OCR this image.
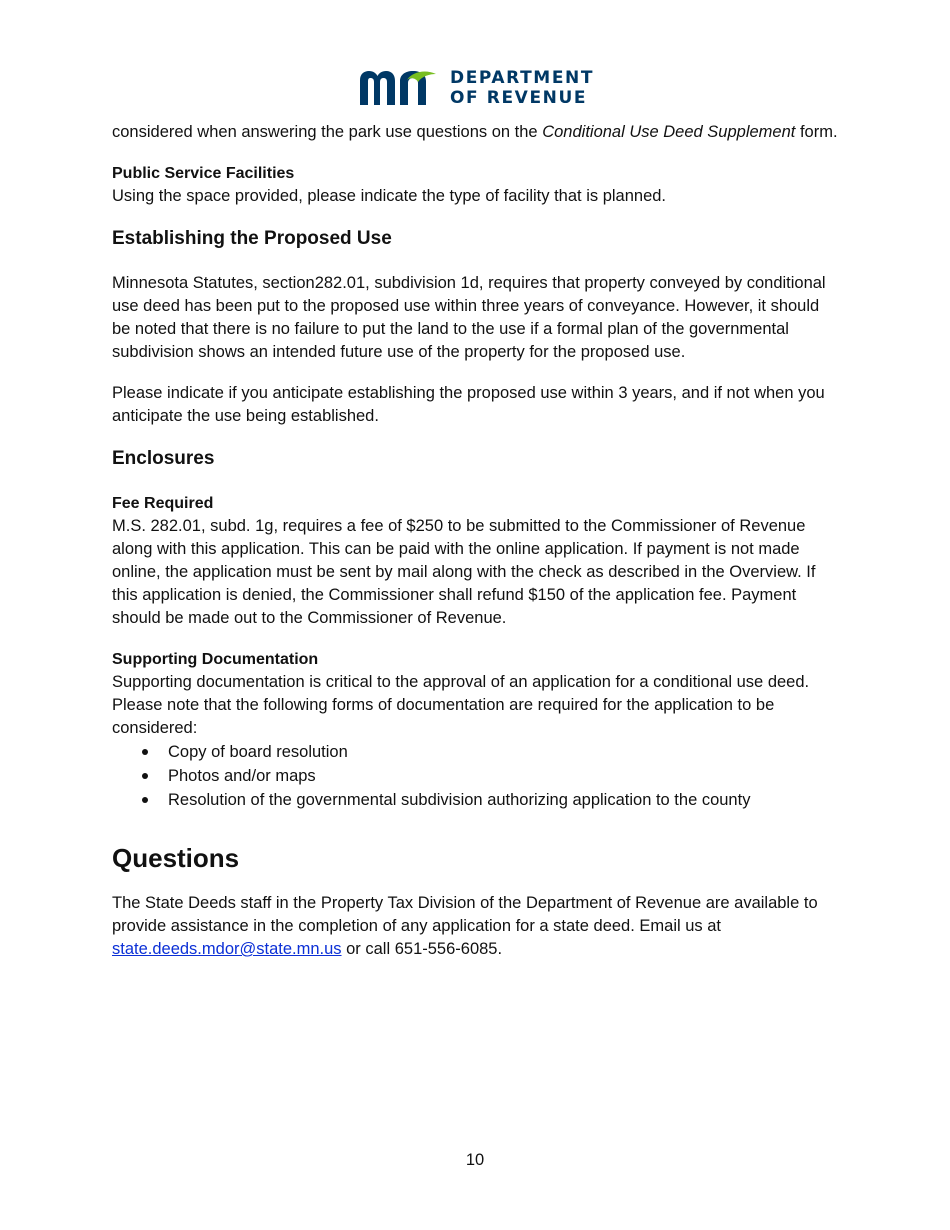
DEPARTMENT
OF REVENUE

considered when answering the park use questions on the Conditional Use Deed Supplement form.

Public Service Facilities

Using the space provided, please indicate the type of facility that is planned.

Establishing the Proposed Use

Minnesota Statutes, section282.01, subdivision 1d, requires that property conveyed by conditional use deed has been put to the proposed use within three years of conveyance. However, it should be noted that there is no failure to put the land to the use if a formal plan of the governmental subdivision shows an intended future use of the property for the proposed use.

Please indicate if you anticipate establishing the proposed use within 3 years, and if not when you anticipate the use being established.

Enclosures

Fee Required

M.S. 282.01, subd. 1g, requires a fee of $250 to be submitted to the Commissioner of Revenue along with this application. This can be paid with the online application. If payment is not made online, the application must be sent by mail along with the check as described in the Overview. If this application is denied, the Commissioner shall refund $150 of the application fee. Payment should be made out to the Commissioner of Revenue.

Supporting Documentation

Supporting documentation is critical to the approval of an application for a conditional use deed. Please note that the following forms of documentation are required for the application to be considered:

Copy of board resolution
Photos and/or maps
Resolution of the governmental subdivision authorizing application to the county
Questions

The State Deeds staff in the Property Tax Division of the Department of Revenue are available to provide assistance in the completion of any application for a state deed. Email us at state.deeds.mdor@state.mn.us or call 651-556-6085.

10
